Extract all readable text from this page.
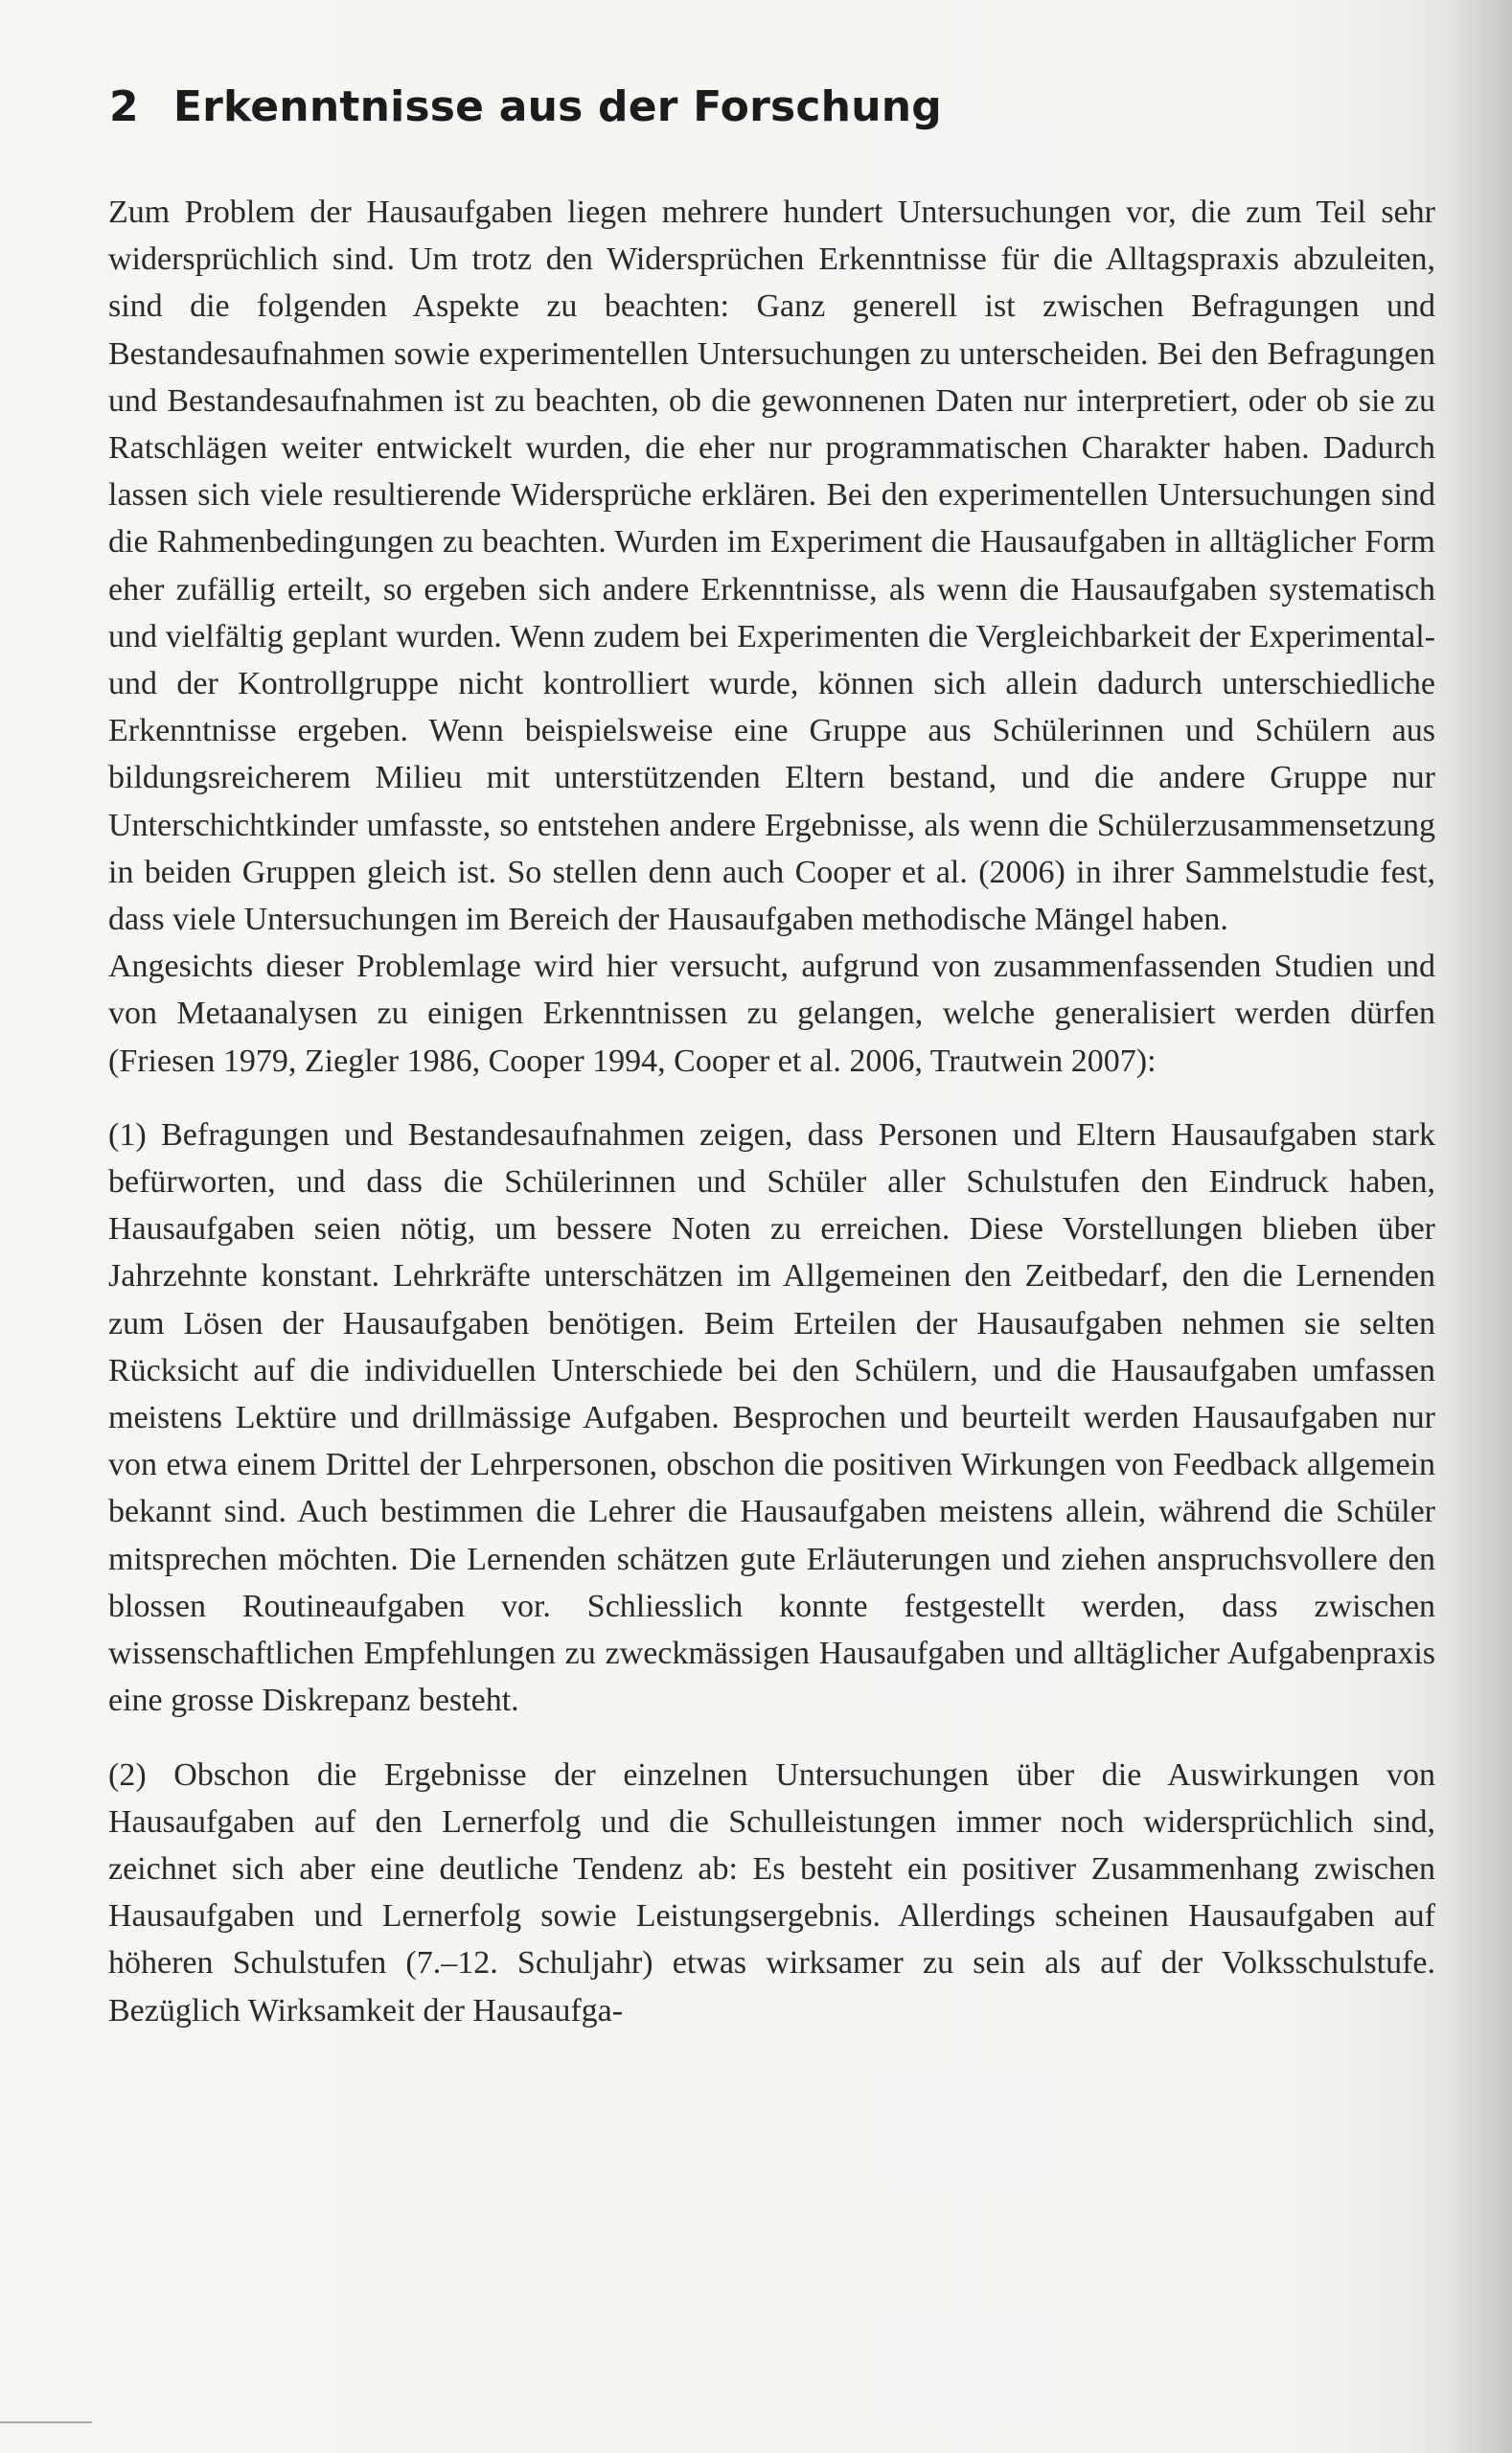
2 Erkenntnisse aus der Forschung

Zum Problem der Hausaufgaben liegen mehrere hundert Untersuchungen vor, die zum Teil sehr widersprüchlich sind. Um trotz den Widersprüchen Erkenntnisse für die Alltagspraxis abzuleiten, sind die folgenden Aspekte zu beachten: Ganz generell ist zwischen Befragungen und Bestandesaufnahmen sowie experimentellen Untersuchungen zu unterscheiden. Bei den Befragungen und Bestandesaufnahmen ist zu beachten, ob die gewonnenen Daten nur interpretiert, oder ob sie zu Ratschlägen weiter entwickelt wurden, die eher nur programmatischen Charakter haben. Dadurch lassen sich viele resultierende Widersprüche erklären. Bei den experimentellen Untersuchungen sind die Rahmenbedingungen zu beachten. Wurden im Experiment die Hausaufgaben in alltäglicher Form eher zufällig erteilt, so ergeben sich andere Erkenntnisse, als wenn die Hausaufgaben systematisch und vielfältig geplant wurden. Wenn zudem bei Experimenten die Vergleichbarkeit der Experimental- und der Kontrollgruppe nicht kontrolliert wurde, können sich allein dadurch unterschiedliche Erkenntnisse ergeben. Wenn beispielsweise eine Gruppe aus Schülerinnen und Schülern aus bildungsreicherem Milieu mit unterstützenden Eltern bestand, und die andere Gruppe nur Unterschichtkinder umfasste, so entstehen andere Ergebnisse, als wenn die Schülerzusammensetzung in beiden Gruppen gleich ist. So stellen denn auch Cooper et al. (2006) in ihrer Sammelstudie fest, dass viele Untersuchungen im Bereich der Hausaufgaben methodische Mängel haben.

Angesichts dieser Problemlage wird hier versucht, aufgrund von zusammenfassenden Studien und von Metaanalysen zu einigen Erkenntnissen zu gelangen, welche generalisiert werden dürfen (Friesen 1979, Ziegler 1986, Cooper 1994, Cooper et al. 2006, Trautwein 2007):

(1) Befragungen und Bestandesaufnahmen zeigen, dass Personen und Eltern Hausaufgaben stark befürworten, und dass die Schülerinnen und Schüler aller Schulstufen den Eindruck haben, Hausaufgaben seien nötig, um bessere Noten zu erreichen. Diese Vorstellungen blieben über Jahrzehnte konstant. Lehrkräfte unterschätzen im Allgemeinen den Zeitbedarf, den die Lernenden zum Lösen der Hausaufgaben benötigen. Beim Erteilen der Hausaufgaben nehmen sie selten Rücksicht auf die individuellen Unterschiede bei den Schülern, und die Hausaufgaben umfassen meistens Lektüre und drillmässige Aufgaben. Besprochen und beurteilt werden Hausaufgaben nur von etwa einem Drittel der Lehrpersonen, obschon die positiven Wirkungen von Feedback allgemein bekannt sind. Auch bestimmen die Lehrer die Hausaufgaben meistens allein, während die Schüler mitsprechen möchten. Die Lernenden schätzen gute Erläuterungen und ziehen anspruchsvollere den blossen Routineaufgaben vor. Schliesslich konnte festgestellt werden, dass zwischen wissenschaftlichen Empfehlungen zu zweckmässigen Hausaufgaben und alltäglicher Aufgabenpraxis eine grosse Diskrepanz besteht.

(2) Obschon die Ergebnisse der einzelnen Untersuchungen über die Auswirkungen von Hausaufgaben auf den Lernerfolg und die Schulleistungen immer noch widersprüchlich sind, zeichnet sich aber eine deutliche Tendenz ab: Es besteht ein positiver Zusammenhang zwischen Hausaufgaben und Lernerfolg sowie Leistungsergebnis. Allerdings scheinen Hausaufgaben auf höheren Schulstufen (7.–12. Schuljahr) etwas wirksamer zu sein als auf der Volksschulstufe. Bezüglich Wirksamkeit der Hausaufga-
